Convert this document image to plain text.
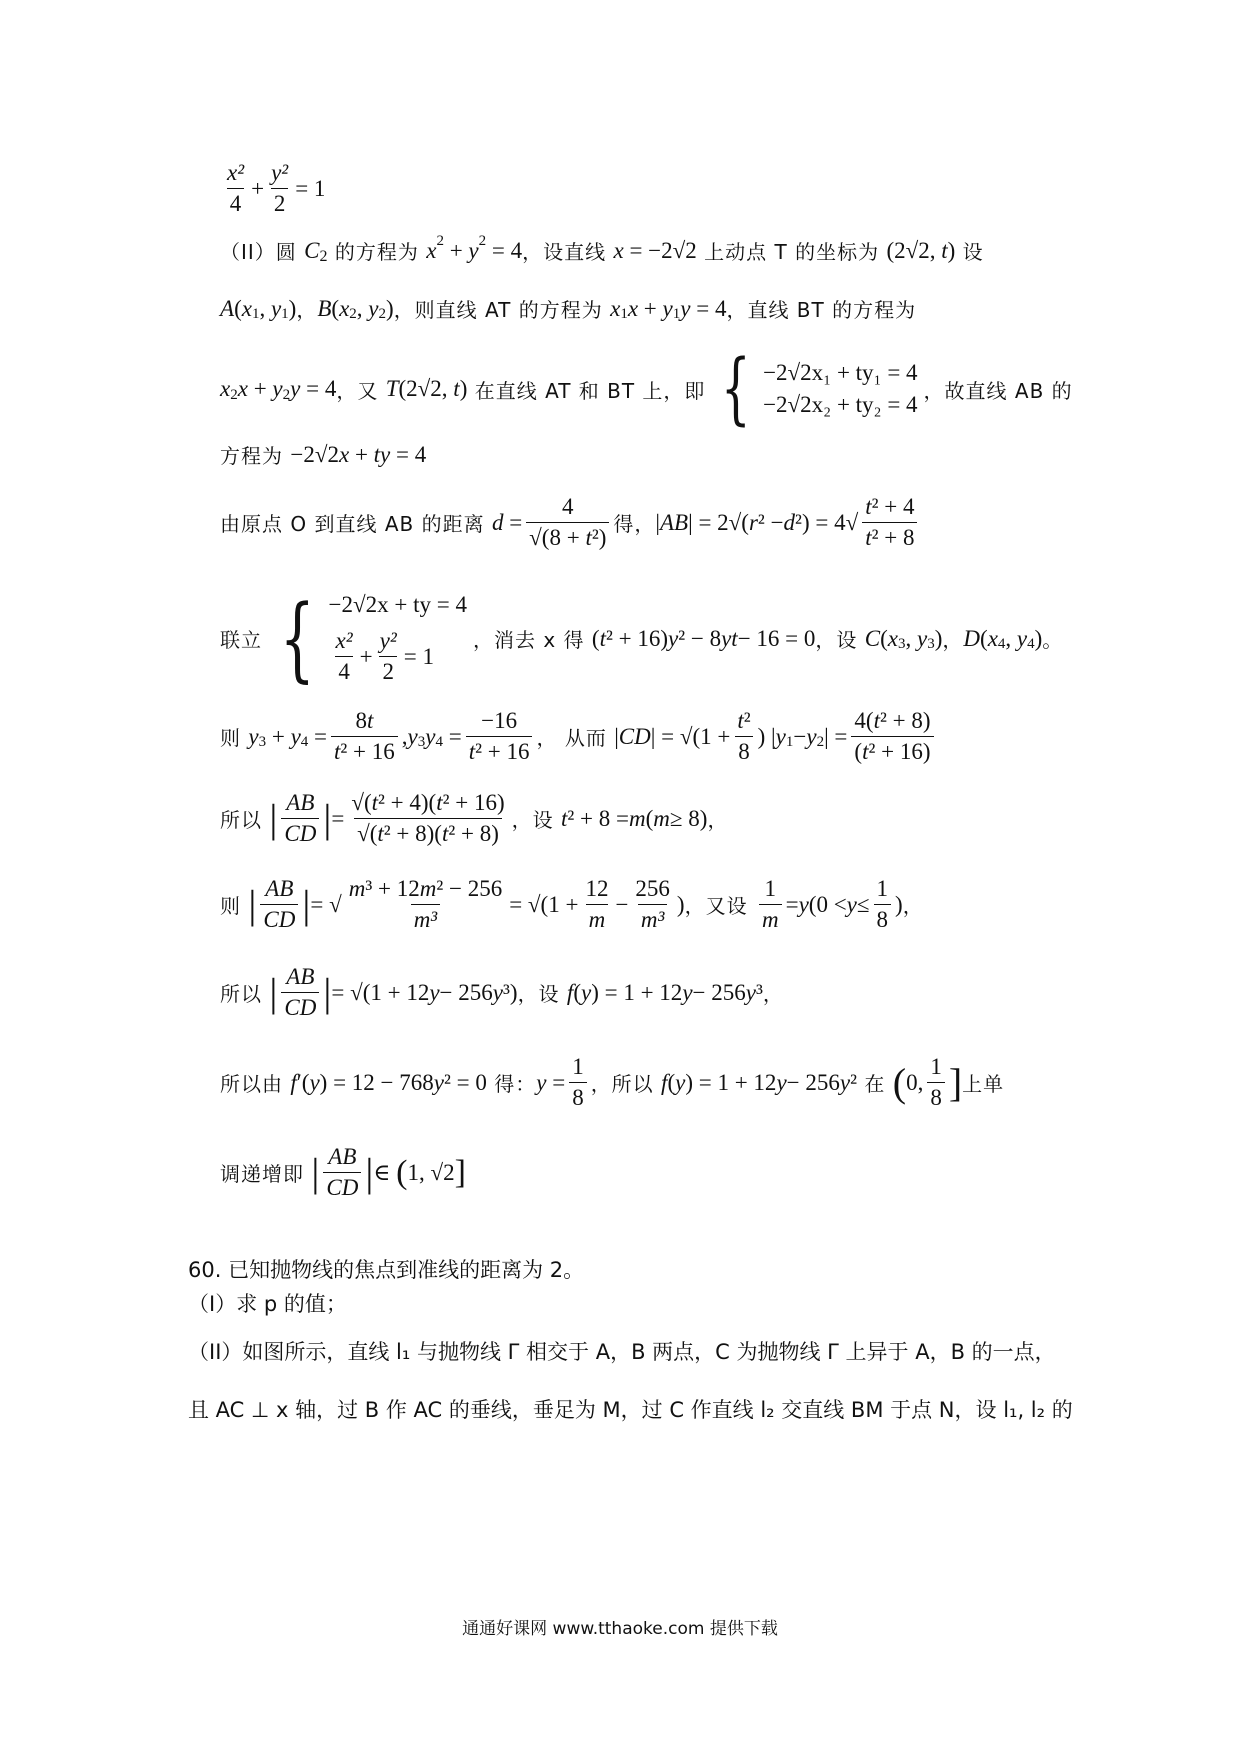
$\frac{\text{x²}}{4} + \frac{\text{y²}}{2} = 1$
（II）圆 C 2 的方程为 x 2 + y 2 = 4 ，设直线 x = −2√2 上动点 T 的坐标为 (2√2, t ) 设
A ( x 1 , y 1 ) ， B ( x 2 , y 2 ) ，则直线 AT 的方程为 x 1 x + y 1 y = 4 ，直线 BT 的方程为
x 2 x + y 2 y = 4 ，又 T (2√2, t ) 在直线 AT 和 BT 上，即 { −2√2x₁ + ty₁ = 4
−2√2x₂ + ty₂ = 4
，故直线 AB 的
方程为 −2√2 x + ty = 4
由原点 O 到直线 AB 的距离 $d = \frac{4}{\text{√(8 + t²)}}$ 得， | AB | = 2√( r ² − d ²) = 4 √ $\frac{\text{t² + 4}}{\text{t² + 8}}$
联立 { −2√2x + ty = 4
$\frac{\text{x²}}{4} + \frac{\text{y²}}{2} = 1$
，消去 x 得 ( t ² + 16) y ² − 8 yt − 16 = 0 ，设 C ( x 3 , y 3 ) ， D ( x 4 , y 4 ) 。
则 y 3 + y $4 = \frac{8t}{\text{t² + 16}}$ , y 3 y $4 = \frac{-16}{\text{t² + 16}}$ ， 从而 | CD | = $√(1 + \frac{\text{t²}}{8}$ ) | y 1 − y 2 | = $\frac{\text{4(t² + 8)}}{\text{(t² + 16)}}$
所以 | $\frac{AB}{CD}$ | = $\frac{\text{√(t² + 4)(t² + 16)}}{\text{√(t² + 8)(t² + 8)}}$ ，设 t ² + 8 = m ( m ≥ 8) ，
则 | $\frac{AB}{CD}$ | = √ $\frac{\text{m³ + 12m² − 256}}{\text{m³}} = √(1 + \frac{12}{m} - \frac{256}{\text{m³}}$ ) ，又设 $\frac{1}{m} = y$ ($0 < y \le \frac{1}{8}$ ) ，
所以 | $\frac{AB}{CD}$ | = √(1 + 12 y − 256 y ³) ，设 f ( y ) = 1 + 12 y − 256 y ³ ，
所以由 f ′( y ) = 12 − 768 y ² = 0 得： $y = \frac{1}{8}$ ，所以 f ( y ) = 1 + 12 y − 256 y ² 在 ( 0, $\frac{1}{8}$ ] 上单
调递增即 | $\frac{AB}{CD}$ | ∈ ( 1, √2 ]
60. 已知抛物线的焦点到准线的距离为 2。
（I）求 p 的值；
（II）如图所示，直线 l₁ 与抛物线 Γ 相交于 A，B 两点，C 为抛物线 Γ 上异于 A，B 的一点，
且 AC ⊥ x 轴，过 B 作 AC 的垂线，垂足为 M，过 C 作直线 l₂ 交直线 BM 于点 N，设 l₁, l₂ 的
通通好课网 www.tthaoke.com 提供下载
